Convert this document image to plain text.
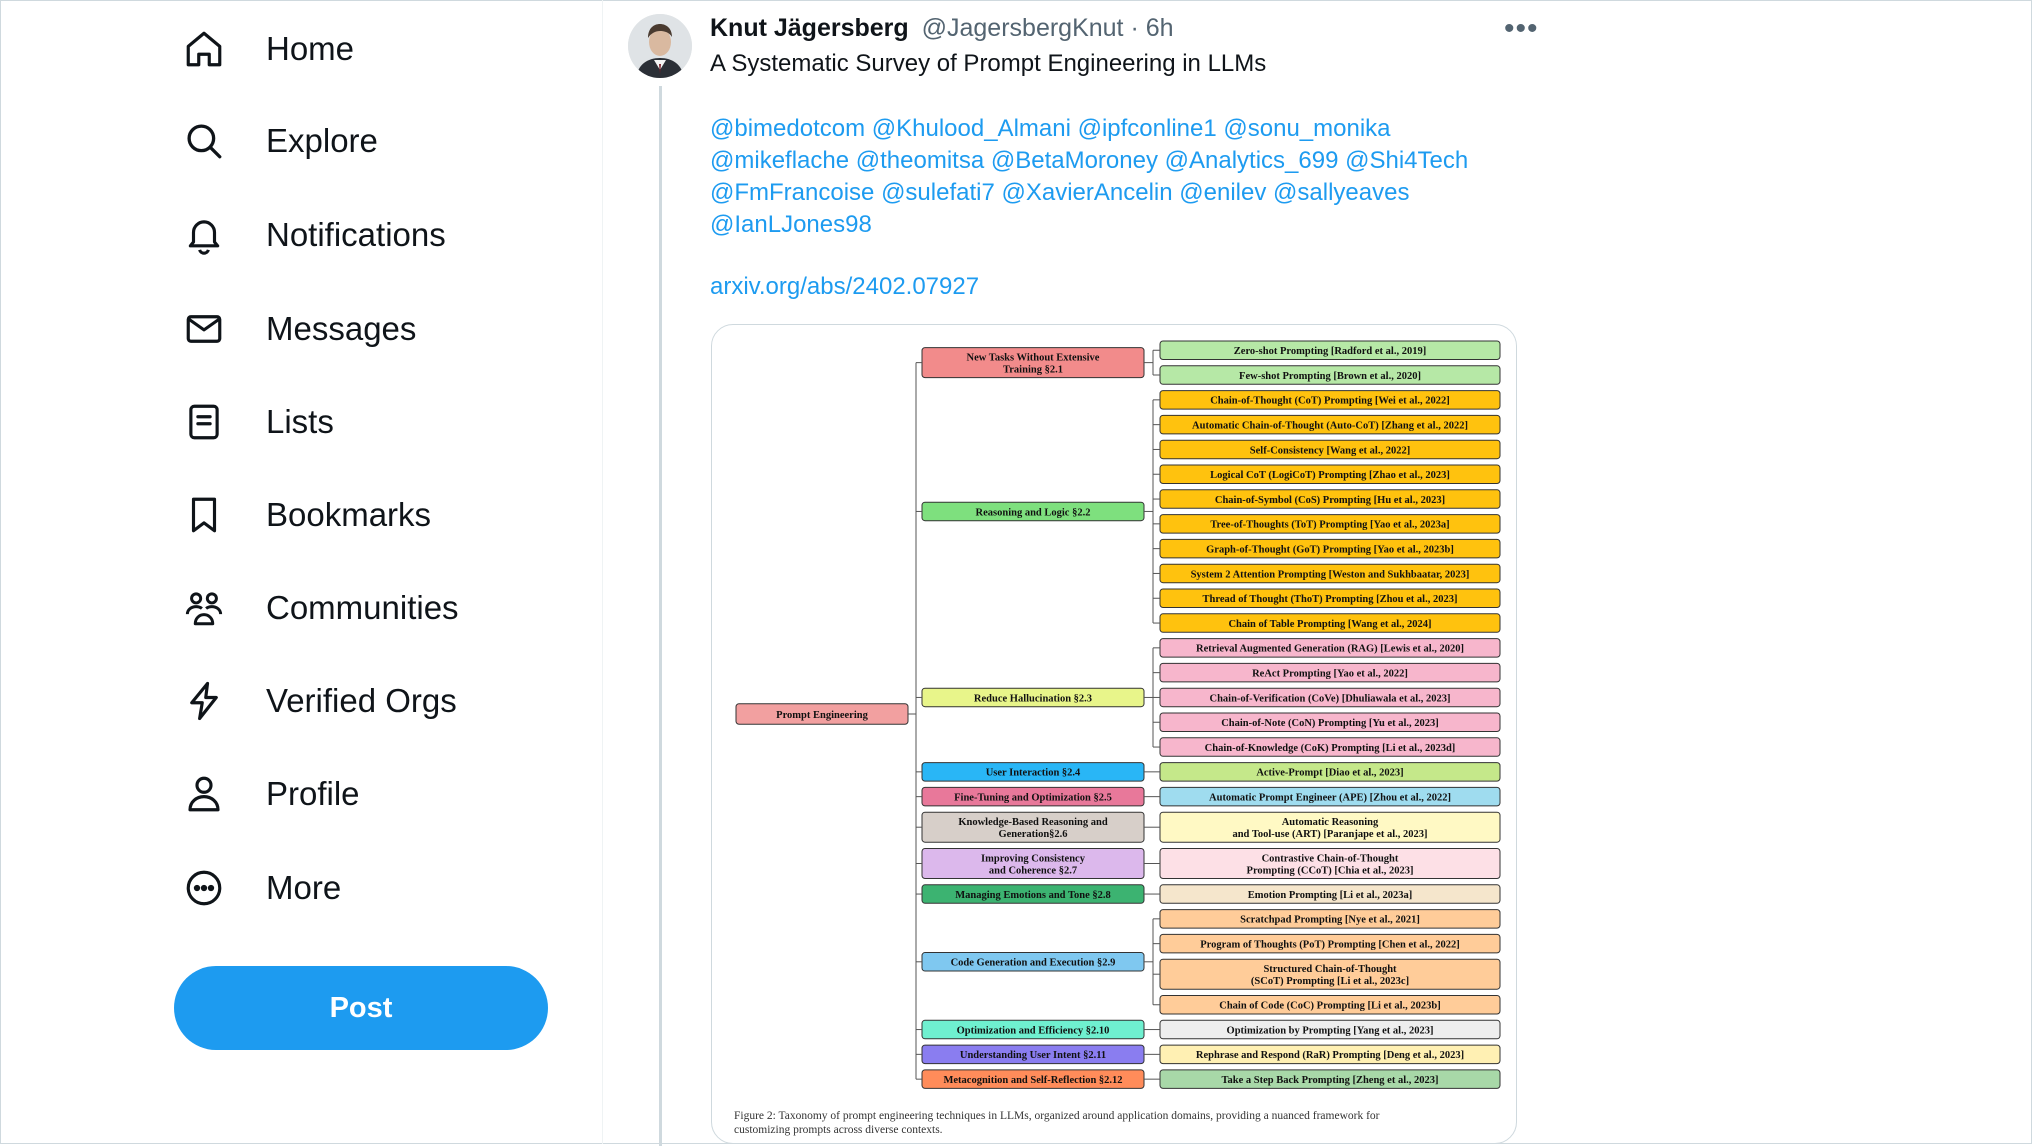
Home
Explore
Notifications
Messages
Lists
Bookmarks
Communities
Verified Orgs
Profile
More
Post
Knut Jägersberg @JagersbergKnut · 6h	•••
A Systematic Survey of Prompt Engineering in LLMs
@bimedotcom @Khulood_Almani @ipfconline1 @sonu_monika
@mikeflache @theomitsa @BetaMoroney @Analytics_699 @Shi4Tech
@FmFrancoise @sulefati7 @XavierAncelin @enilev @sallyeaves
@IanLJones98
arxiv.org/abs/2402.07927
Zero-shot Prompting [Radford et al., 2019]
Few-shot Prompting [Brown et al., 2020]
New Tasks Without Extensive
Training §2.1
Chain-of-Thought (CoT) Prompting [Wei et al., 2022]
Automatic Chain-of-Thought (Auto-CoT) [Zhang et al., 2022]
Self-Consistency [Wang et al., 2022]
Logical CoT (LogiCoT) Prompting [Zhao et al., 2023]
Chain-of-Symbol (CoS) Prompting [Hu et al., 2023]
Tree-of-Thoughts (ToT) Prompting [Yao et al., 2023a]
Graph-of-Thought (GoT) Prompting [Yao et al., 2023b]
System 2 Attention Prompting [Weston and Sukhbaatar, 2023]
Thread of Thought (ThoT) Prompting [Zhou et al., 2023]
Chain of Table Prompting [Wang et al., 2024]
Reasoning and Logic §2.2
Retrieval Augmented Generation (RAG) [Lewis et al., 2020]
ReAct Prompting [Yao et al., 2022]
Chain-of-Verification (CoVe) [Dhuliawala et al., 2023]
Chain-of-Note (CoN) Prompting [Yu et al., 2023]
Chain-of-Knowledge (CoK) Prompting [Li et al., 2023d]
Reduce Hallucination §2.3
Active-Prompt [Diao et al., 2023]
User Interaction §2.4
Automatic Prompt Engineer (APE) [Zhou et al., 2022]
Fine-Tuning and Optimization §2.5
Automatic Reasoning
and Tool-use (ART) [Paranjape et al., 2023]
Knowledge-Based Reasoning and
Generation§2.6
Contrastive Chain-of-Thought
Prompting (CCoT) [Chia et al., 2023]
Improving Consistency
and Coherence §2.7
Emotion Prompting [Li et al., 2023a]
Managing Emotions and Tone §2.8
Scratchpad Prompting [Nye et al., 2021]
Program of Thoughts (PoT) Prompting [Chen et al., 2022]
Structured Chain-of-Thought
(SCoT) Prompting [Li et al., 2023c]
Chain of Code (CoC) Prompting [Li et al., 2023b]
Code Generation and Execution §2.9
Optimization by Prompting [Yang et al., 2023]
Optimization and Efficiency §2.10
Rephrase and Respond (RaR) Prompting [Deng et al., 2023]
Understanding User Intent §2.11
Take a Step Back Prompting [Zheng et al., 2023]
Metacognition and Self-Reflection §2.12
Prompt Engineering
Figure 2: Taxonomy of prompt engineering techniques in LLMs, organized around application domains, providing a nuanced framework for
customizing prompts across diverse contexts.
